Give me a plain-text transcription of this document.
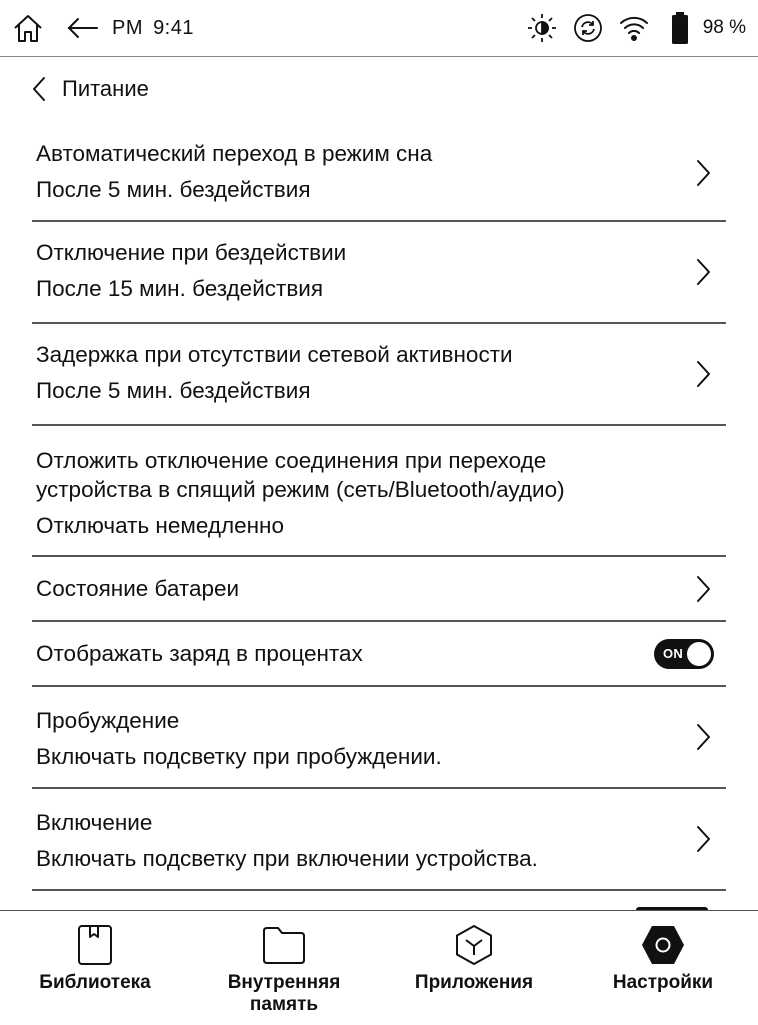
PM 9:41	98 %
Питание
Автоматический переход в режим сна
После 5 мин. бездействия
Отключение при бездействии
После 15 мин. бездействия
Задержка при отсутствии сетевой активности
После 5 мин. бездействия
Отложить отключение соединения при переходе устройства в спящий режим (сеть/Bluetooth/аудио)
Отключать немедленно
Состояние батареи
Отображать заряд в процентах	ON
Пробуждение
Включать подсветку при пробуждении.
Включение
Включать подсветку при включении устройства.
Библиотека	Внутренняя память
Приложения	Настройки
